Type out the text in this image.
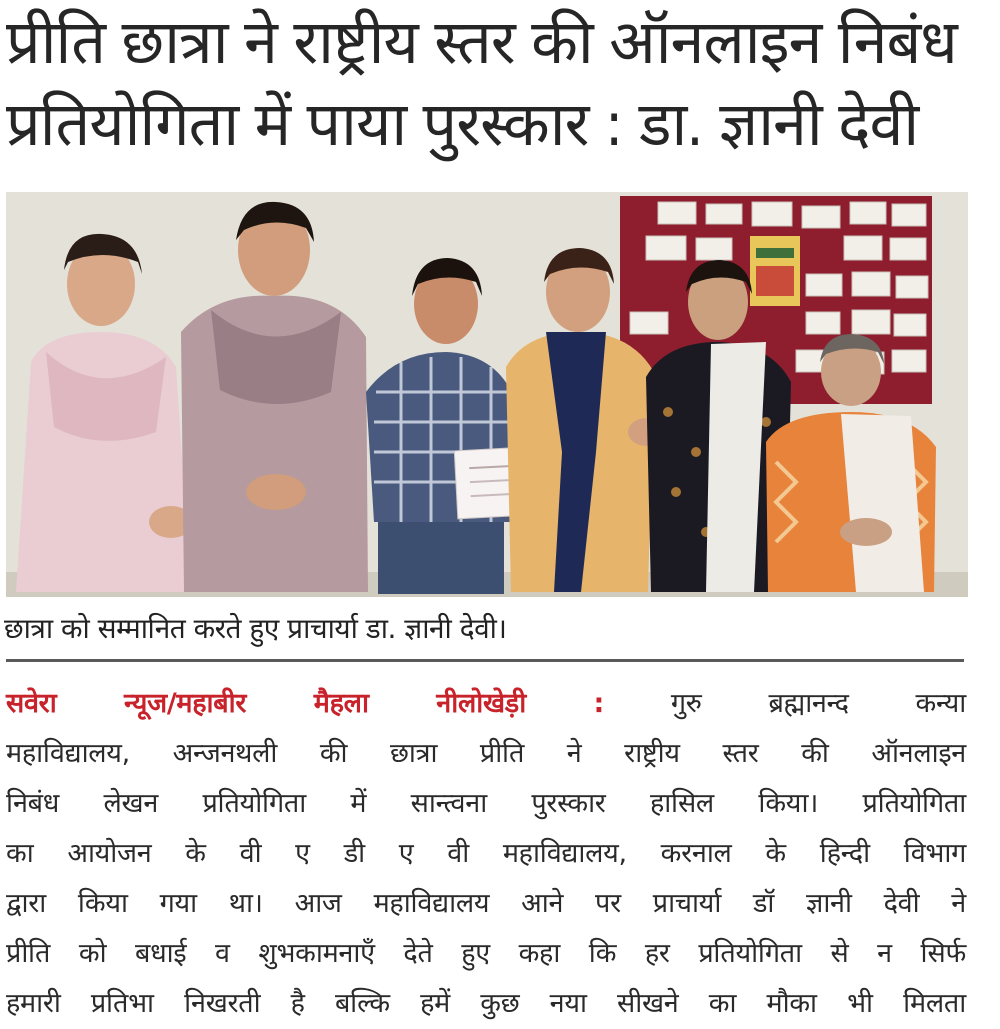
प्रीति छात्रा ने राष्ट्रीय स्तर की ऑनलाइन निबंध
प्रतियोगिता में पाया पुरस्कार : डा. ज्ञानी देवी
छात्रा को सम्मानित करते हुए प्राचार्या डा. ज्ञानी देवी।
सवेरा न्यूज/महाबीर मैहला नीलोखेड़ी : गुरु ब्रह्मानन्द कन्या
महाविद्यालय, अन्जनथली की छात्रा प्रीति ने राष्ट्रीय स्तर की ऑनलाइन
निबंध लेखन प्रतियोगिता में सान्त्वना पुरस्कार हासिल किया। प्रतियोगिता
का आयोजन के वी ए डी ए वी महाविद्यालय, करनाल के हिन्दी विभाग
द्वारा किया गया था। आज महाविद्यालय आने पर प्राचार्या डॉ ज्ञानी देवी ने
प्रीति को बधाई व शुभकामनाएँ देते हुए कहा कि हर प्रतियोगिता से न सिर्फ
हमारी प्रतिभा निखरती है बल्कि हमें कुछ नया सीखने का मौका भी मिलता
